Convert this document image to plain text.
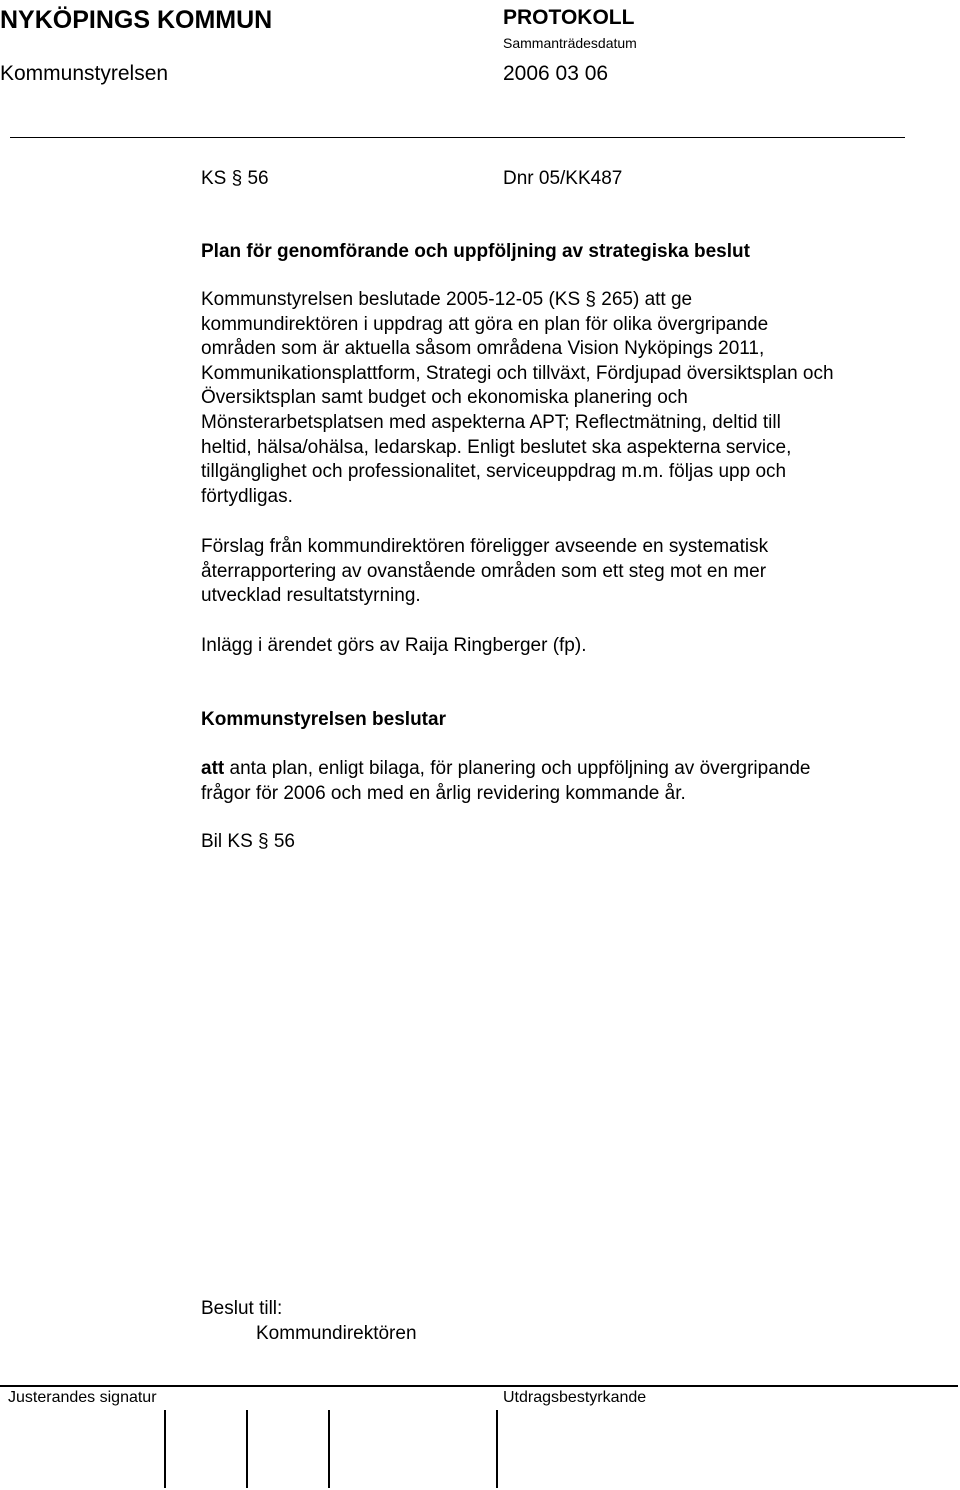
NYKÖPINGS KOMMUN	PROTOKOLL
Sammanträdesdatum
Kommunstyrelsen	2006 03 06
KS § 56	Dnr 05/KK487
Plan för genomförande och uppföljning av strategiska beslut
Kommunstyrelsen beslutade 2005-12-05 (KS § 265) att ge
kommundirektören i uppdrag att göra en plan för olika övergripande
områden som är aktuella såsom områdena Vision Nyköpings 2011,
Kommunikationsplattform, Strategi och tillväxt, Fördjupad översiktsplan och
Översiktsplan samt budget och ekonomiska planering och
Mönsterarbetsplatsen med aspekterna APT; Reflectmätning, deltid till
heltid, hälsa/ohälsa, ledarskap. Enligt beslutet ska aspekterna service,
tillgänglighet och professionalitet, serviceuppdrag m.m. följas upp och
förtydligas.
Förslag från kommundirektören föreligger avseende en systematisk
återrapportering av ovanstående områden som ett steg mot en mer
utvecklad resultatstyrning.
Inlägg i ärendet görs av Raija Ringberger (fp).
Kommunstyrelsen beslutar
att anta plan, enligt bilaga, för planering och uppföljning av övergripande
frågor för 2006 och med en årlig revidering kommande år.
Bil KS § 56
Beslut till:
Kommundirektören
Justerandes signatur	Utdragsbestyrkande
